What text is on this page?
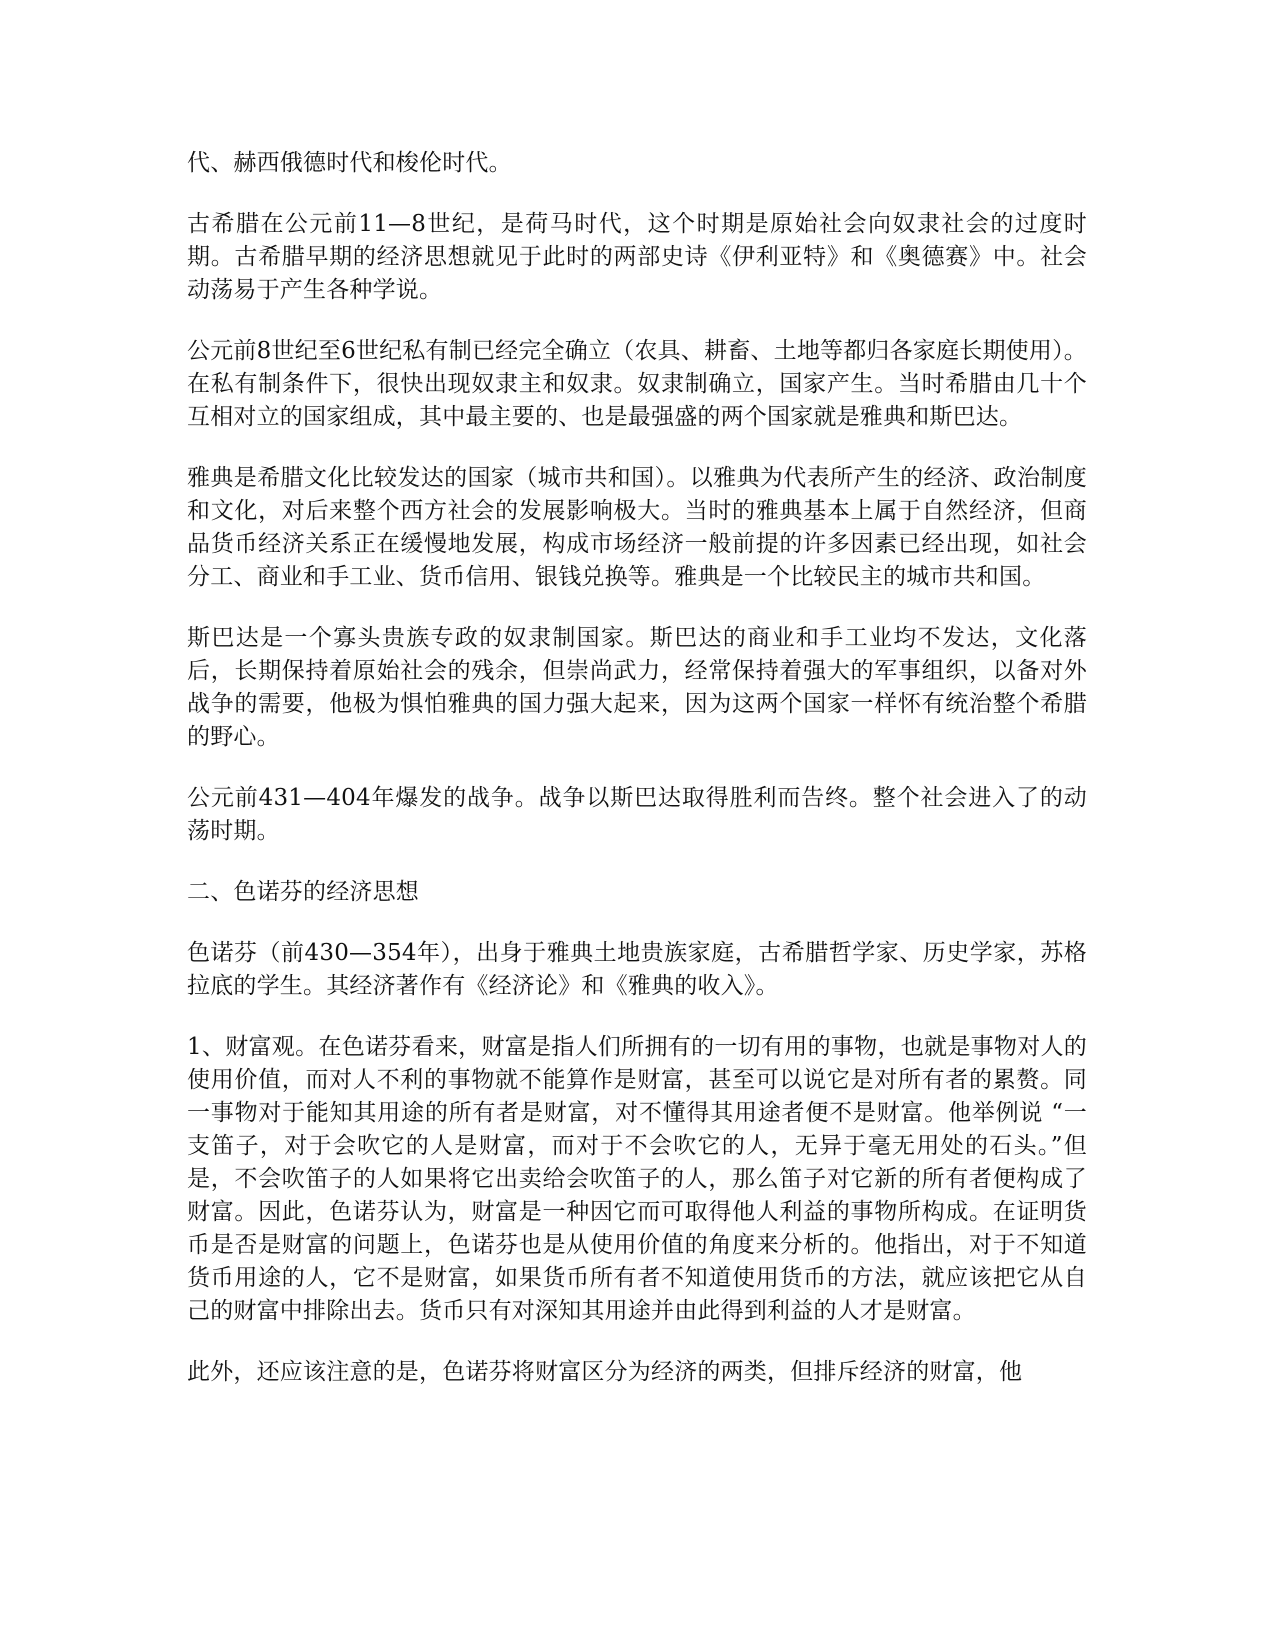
代、赫西俄德时代和梭伦时代。

古希腊在公元前11—8世纪，是荷马时代，这个时期是原始社会向奴隶社会的过度时期。古希腊早期的经济思想就见于此时的两部史诗《伊利亚特》和《奥德赛》中。社会动荡易于产生各种学说。

公元前8世纪至6世纪私有制已经完全确立（农具、耕畜、土地等都归各家庭长期使用）。在私有制条件下，很快出现奴隶主和奴隶。奴隶制确立，国家产生。当时希腊由几十个互相对立的国家组成，其中最主要的、也是最强盛的两个国家就是雅典和斯巴达。

雅典是希腊文化比较发达的国家（城市共和国）。以雅典为代表所产生的经济、政治制度和文化，对后来整个西方社会的发展影响极大。当时的雅典基本上属于自然经济，但商品货币经济关系正在缓慢地发展，构成市场经济一般前提的许多因素已经出现，如社会分工、商业和手工业、货币信用、银钱兑换等。雅典是一个比较民主的城市共和国。

斯巴达是一个寡头贵族专政的奴隶制国家。斯巴达的商业和手工业均不发达，文化落后，长期保持着原始社会的残余，但崇尚武力，经常保持着强大的军事组织，以备对外战争的需要，他极为惧怕雅典的国力强大起来，因为这两个国家一样怀有统治整个希腊的野心。

公元前431—404年爆发的战争。战争以斯巴达取得胜利而告终。整个社会进入了的动荡时期。

二、色诺芬的经济思想

色诺芬（前430—354年），出身于雅典土地贵族家庭，古希腊哲学家、历史学家，苏格拉底的学生。其经济著作有《经济论》和《雅典的收入》。

1、财富观。在色诺芬看来，财富是指人们所拥有的一切有用的事物，也就是事物对人的使用价值，而对人不利的事物就不能算作是财富，甚至可以说它是对所有者的累赘。同一事物对于能知其用途的所有者是财富，对不懂得其用途者便不是财富。他举例说 “一支笛子，对于会吹它的人是财富，而对于不会吹它的人，无异于毫无用处的石头。”但是，不会吹笛子的人如果将它出卖给会吹笛子的人，那么笛子对它新的所有者便构成了财富。因此，色诺芬认为，财富是一种因它而可取得他人利益的事物所构成。在证明货币是否是财富的问题上，色诺芬也是从使用价值的角度来分析的。他指出，对于不知道货币用途的人，它不是财富，如果货币所有者不知道使用货币的方法，就应该把它从自己的财富中排除出去。货币只有对深知其用途并由此得到利益的人才是财富。

此外，还应该注意的是，色诺芬将财富区分为经济的两类，但排斥经济的财富，他
